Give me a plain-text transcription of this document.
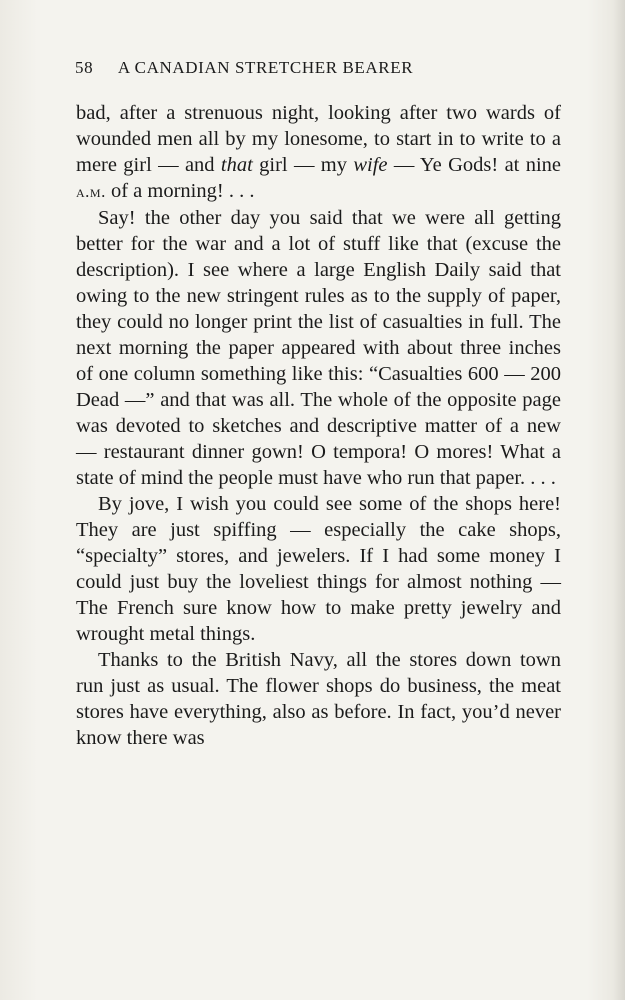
58 A CANADIAN STRETCHER BEARER

bad, after a strenuous night, looking after two wards of wounded men all by my lonesome, to start in to write to a mere girl — and that girl — my wife — Ye Gods! at nine a.m. of a morning! . . .

Say! the other day you said that we were all getting better for the war and a lot of stuff like that (excuse the description). I see where a large English Daily said that owing to the new stringent rules as to the supply of paper, they could no longer print the list of casualties in full. The next morning the paper appeared with about three inches of one column something like this: “Casualties 600 — 200 Dead —” and that was all. The whole of the opposite page was devoted to sketches and descriptive matter of a new — restaurant dinner gown! O tempora! O mores! What a state of mind the people must have who run that paper. . . .

By jove, I wish you could see some of the shops here! They are just spiffing — especially the cake shops, “specialty” stores, and jewelers. If I had some money I could just buy the loveliest things for almost nothing — The French sure know how to make pretty jewelry and wrought metal things.

Thanks to the British Navy, all the stores down town run just as usual. The flower shops do business, the meat stores have everything, also as before. In fact, you’d never know there was
